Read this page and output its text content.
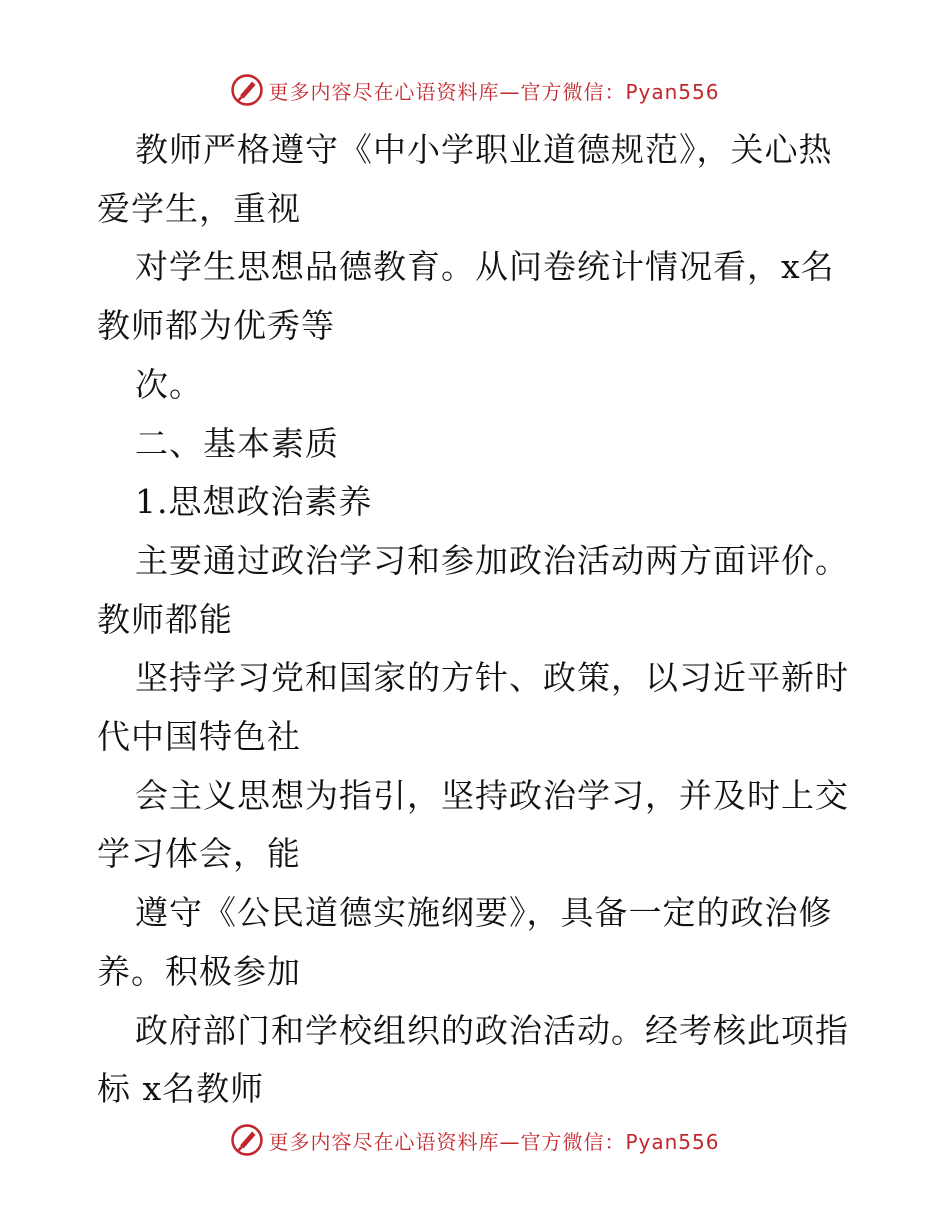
更多内容尽在心语资料库—官方微信：Pyan556
教师严格遵守《中小学职业道德规范》，关心热
爱学生，重视
对学生思想品德教育。从问卷统计情况看，x名
教师都为优秀等
次。
二、基本素质
1.思想政治素养
主要通过政治学习和参加政治活动两方面评价。
教师都能
坚持学习党和国家的方针、政策，以习近平新时
代中国特色社
会主义思想为指引，坚持政治学习，并及时上交
学习体会，能
遵守《公民道德实施纲要》，具备一定的政治修
养。积极参加
政府部门和学校组织的政治活动。经考核此项指
标 x名教师
更多内容尽在心语资料库—官方微信：Pyan556
